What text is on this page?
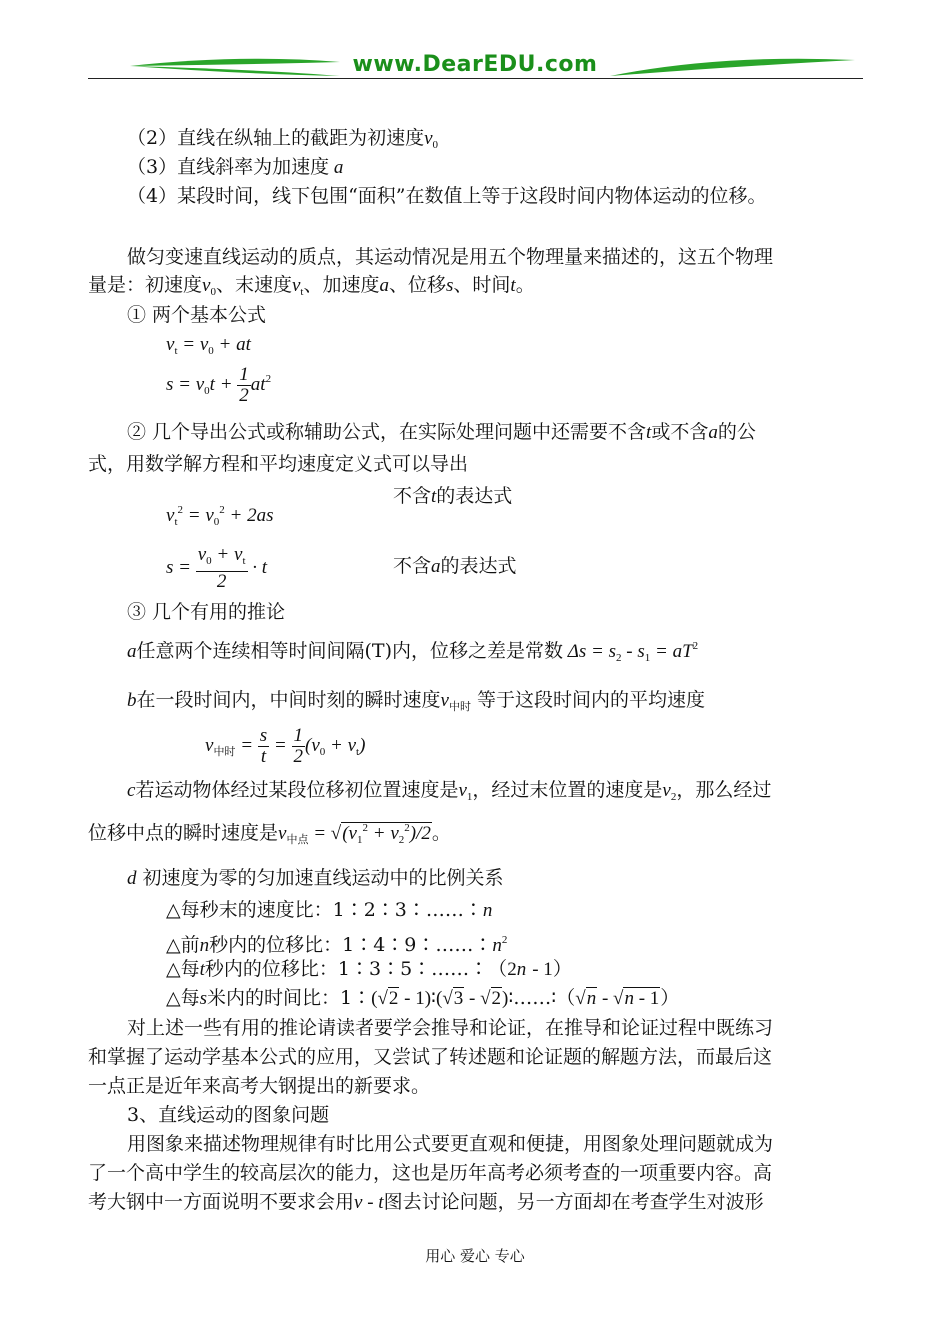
www.DearEDU.com
（2）直线在纵轴上的截距为初速度$v_0$
（3）直线斜率为加速度 a
（4）某段时间，线下包围“面积”在数值上等于这段时间内物体运动的位移。
做匀变速直线运动的质点，其运动情况是用五个物理量来描述的，这五个物理
量是：初速度$v_0$、末速度$v_t$、加速度a、位移s、时间t。
① 两个基本公式
$v_t = v_0$ + at
$s = v_0t + \frac{1}{2} at^2$
② 几个导出公式或称辅助公式，在实际处理问题中还需要不含t或不含a的公
式，用数学解方程和平均速度定义式可以导出
$v_t^2 = v_0^2 + 2as$
不含t的表达式
$s = \frac{v_0 + v_t}{2} \cdot t$	不含a的表达式
③ 几个有用的推论
a任意两个连续相等时间间隔(T)内，位移之差是常数 $\Delta s = s_2 - s_1 = aT^2$
b在一段时间内，中间时刻的瞬时速度$v_{中时}$ 等于这段时间内的平均速度
$v_{中时} = \frac{s}{t} = \frac{1}{2} (v_0 + v_t)$
c若运动物体经过某段位移初位置速度是$v_1$，经过末位置的速度是$v_2$，那么经过
位移中点的瞬时速度是$v_{中点} = √(v_1^2 + v_2^2)/2$。
d 初速度为零的匀加速直线运动中的比例关系
△每秒末的速度比：1∶2∶3∶……∶n
△前n秒内的位移比：$1∶4∶9∶\dots\dots∶n^2$
△每t秒内的位移比：1∶3∶5∶……∶（2n - 1）
△每s米内的时间比：1∶(√2 - 1)∶(√3 - √2)∶……∶（√n - √n - 1）
对上述一些有用的推论请读者要学会推导和论证，在推导和论证过程中既练习
和掌握了运动学基本公式的应用，又尝试了转述题和论证题的解题方法，而最后这
一点正是近年来高考大钢提出的新要求。
3、直线运动的图象问题
用图象来描述物理规律有时比用公式要更直观和便捷，用图象处理问题就成为
了一个高中学生的较高层次的能力，这也是历年高考必须考查的一项重要内容。高
考大钢中一方面说明不要求会用v - t图去讨论问题，另一方面却在考查学生对波形
用心 爱心 专心
